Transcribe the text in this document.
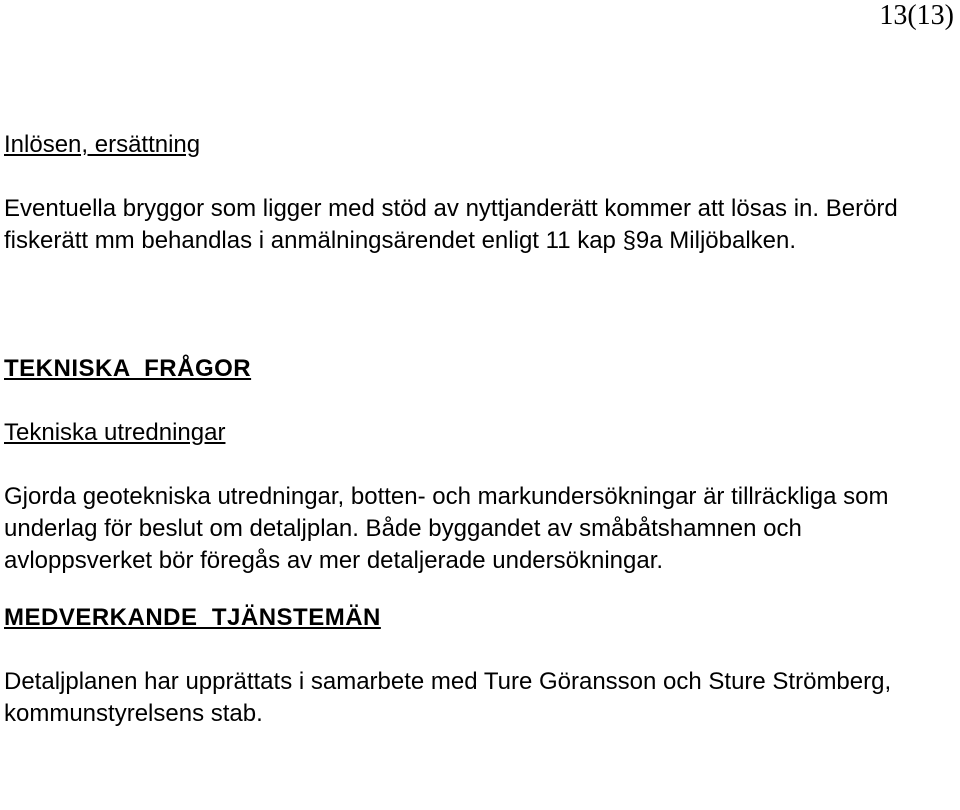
13(13)
Inlösen, ersättning

Eventuella bryggor som ligger med stöd av nyttjanderätt kommer att lösas in. Berörd fiskerätt mm behandlas i anmälningsärendet enligt 11 kap §9a Miljöbalken.

TEKNISKA  FRÅGOR
Tekniska utredningar

Gjorda geotekniska utredningar, botten- och markundersökningar är tillräckliga som underlag för beslut om detaljplan. Både byggandet av småbåtshamnen och avloppsverket bör föregås av mer detaljerade undersökningar.

MEDVERKANDE  TJÄNSTEMÄN

Detaljplanen har upprättats i samarbete med Ture Göransson och Sture Strömberg, kommunstyrelsens stab.
